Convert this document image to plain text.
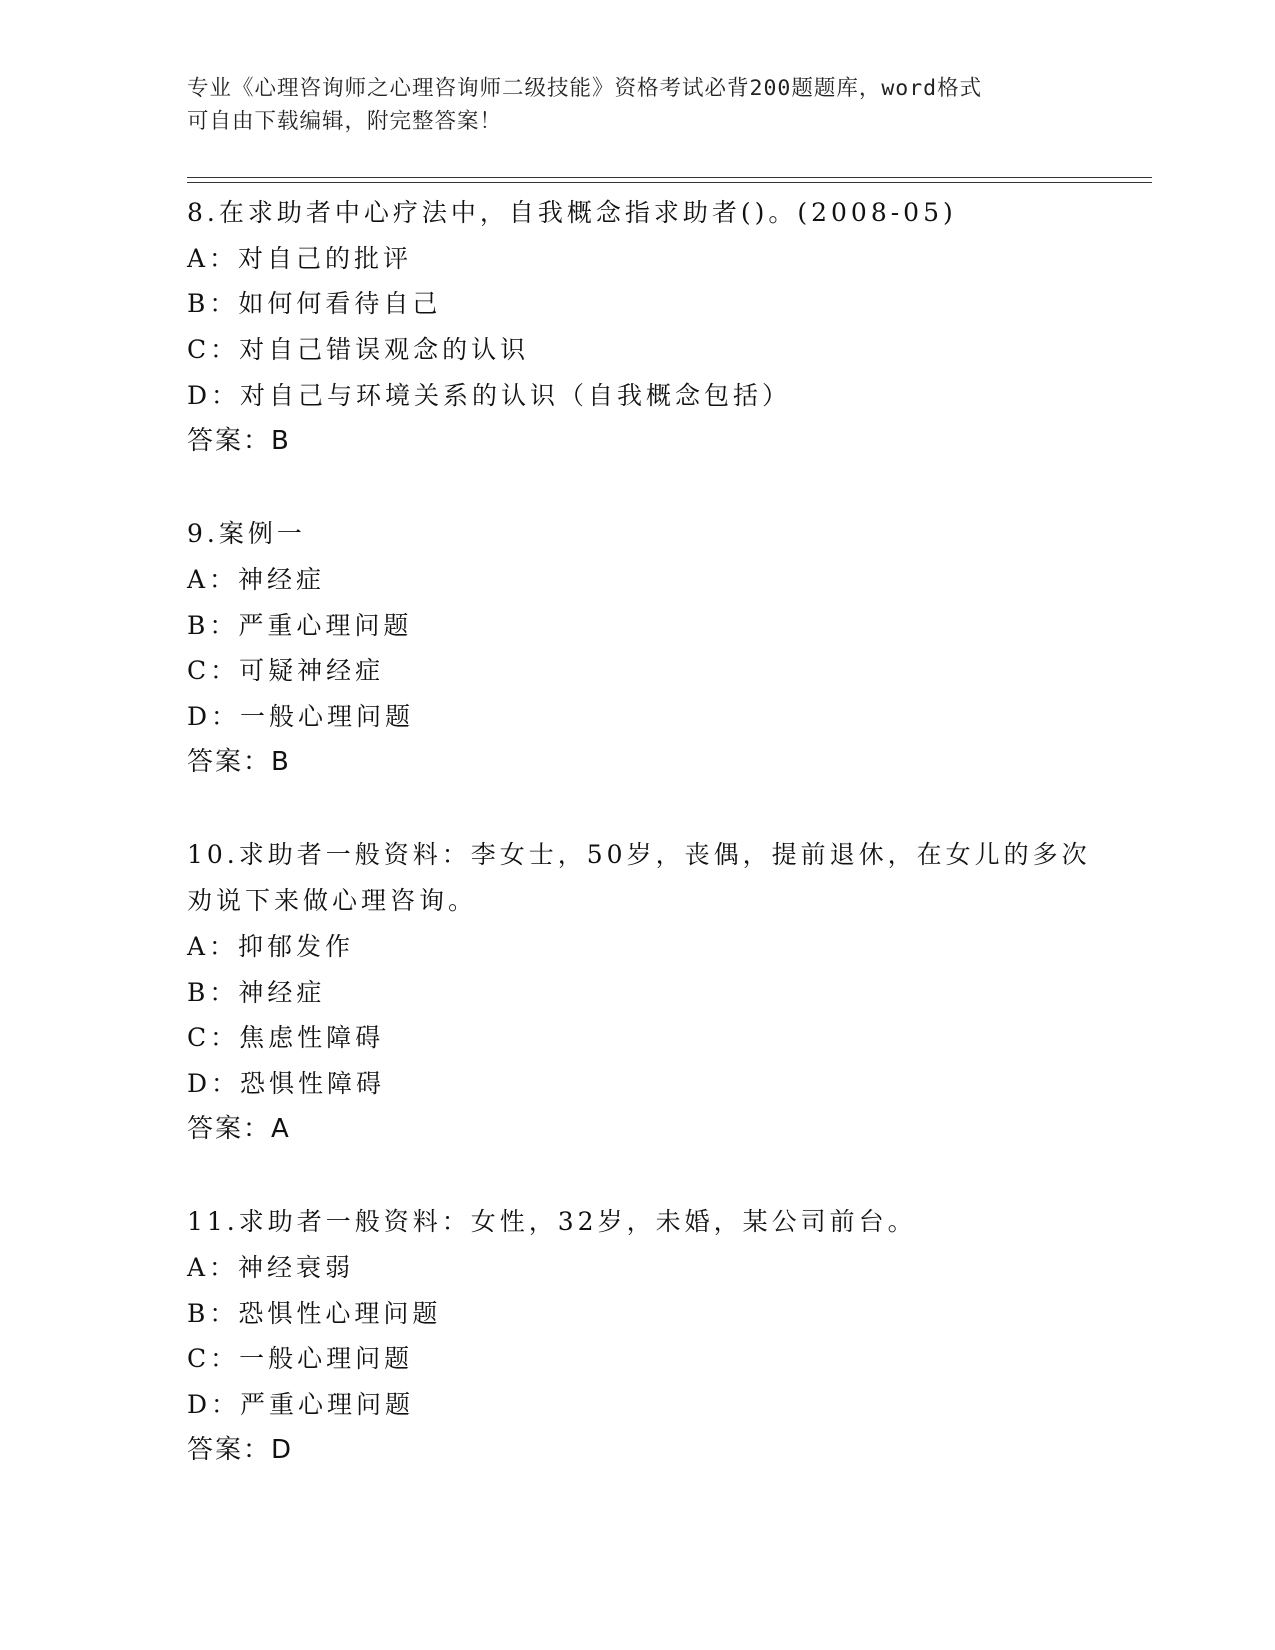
专业《心理咨询师之心理咨询师二级技能》资格考试必背200题题库，word格式
可自由下载编辑，附完整答案！
8.在求助者中心疗法中，自我概念指求助者()。(2008-05)
A：对自己的批评
B：如何何看待自己
C：对自己错误观念的认识
D：对自己与环境关系的认识（自我概念包括）
答案：B
9.案例一
A：神经症
B：严重心理问题
C：可疑神经症
D：一般心理问题
答案：B
10.求助者一般资料：李女士，50岁，丧偶，提前退休，在女儿的多次
劝说下来做心理咨询。
A：抑郁发作
B：神经症
C：焦虑性障碍
D：恐惧性障碍
答案：A
11.求助者一般资料：女性，32岁，未婚，某公司前台。
A：神经衰弱
B：恐惧性心理问题
C：一般心理问题
D：严重心理问题
答案：D
